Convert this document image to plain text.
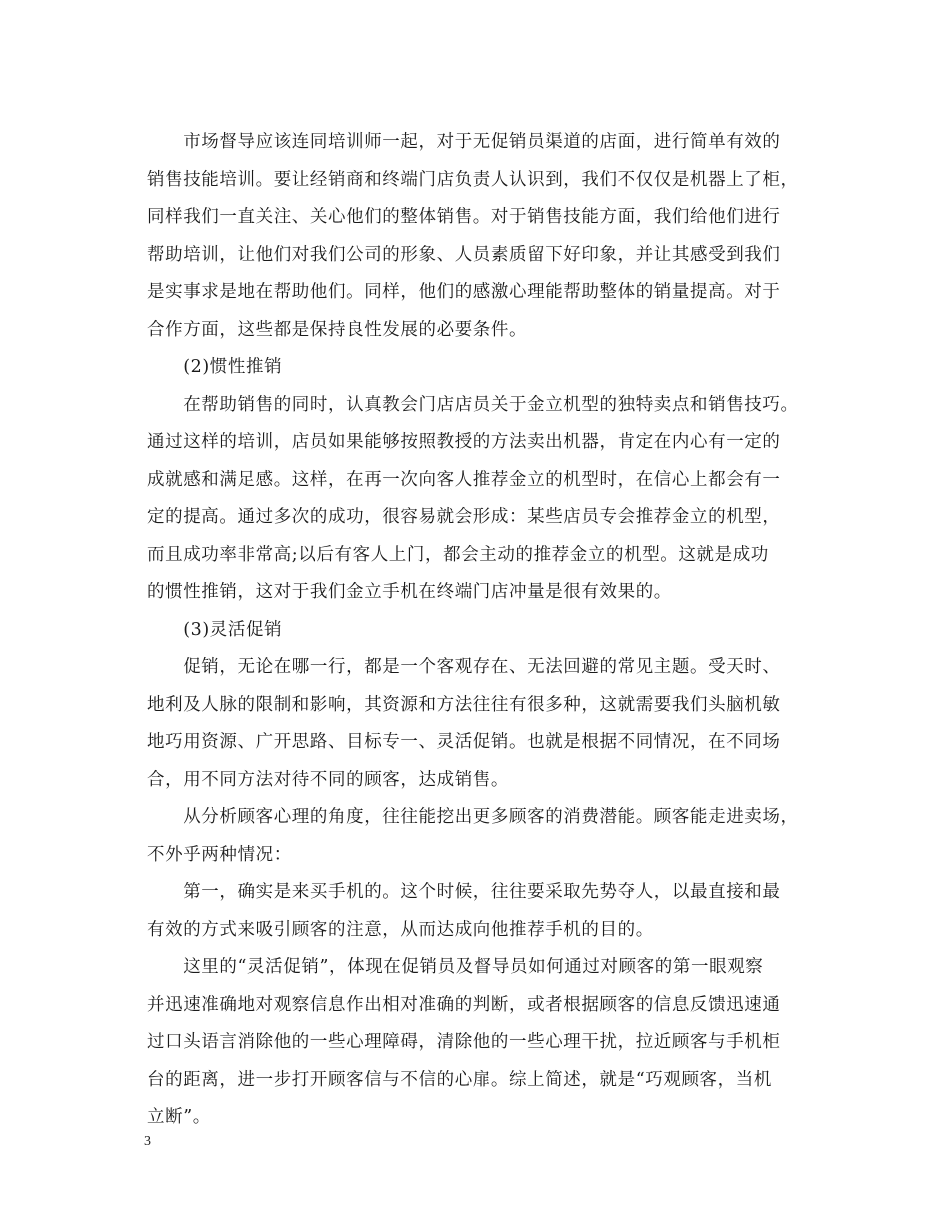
　　市场督导应该连同培训师一起，对于无促销员渠道的店面，进行简单有效的
销售技能培训。要让经销商和终端门店负责人认识到，我们不仅仅是机器上了柜，
同样我们一直关注、关心他们的整体销售。对于销售技能方面，我们给他们进行
帮助培训，让他们对我们公司的形象、人员素质留下好印象，并让其感受到我们
是实事求是地在帮助他们。同样，他们的感激心理能帮助整体的销量提高。对于
合作方面，这些都是保持良性发展的必要条件。
　　(2)惯性推销
　　在帮助销售的同时，认真教会门店店员关于金立机型的独特卖点和销售技巧。
通过这样的培训，店员如果能够按照教授的方法卖出机器，肯定在内心有一定的
成就感和满足感。这样，在再一次向客人推荐金立的机型时，在信心上都会有一
定的提高。通过多次的成功，很容易就会形成：某些店员专会推荐金立的机型，
而且成功率非常高;以后有客人上门，都会主动的推荐金立的机型。这就是成功
的惯性推销，这对于我们金立手机在终端门店冲量是很有效果的。
　　(3)灵活促销
　　促销，无论在哪一行，都是一个客观存在、无法回避的常见主题。受天时、
地利及人脉的限制和影响，其资源和方法往往有很多种，这就需要我们头脑机敏
地巧用资源、广开思路、目标专一、灵活促销。也就是根据不同情况，在不同场
合，用不同方法对待不同的顾客，达成销售。
　　从分析顾客心理的角度，往往能挖出更多顾客的消费潜能。顾客能走进卖场，
不外乎两种情况：
　　第一，确实是来买手机的。这个时候，往往要采取先势夺人，以最直接和最
有效的方式来吸引顾客的注意，从而达成向他推荐手机的目的。
　　这里的“灵活促销”，体现在促销员及督导员如何通过对顾客的第一眼观察
并迅速准确地对观察信息作出相对准确的判断，或者根据顾客的信息反馈迅速通
过口头语言消除他的一些心理障碍，清除他的一些心理干扰，拉近顾客与手机柜
台的距离，进一步打开顾客信与不信的心扉。综上简述，就是“巧观顾客，当机
立断”。
3
